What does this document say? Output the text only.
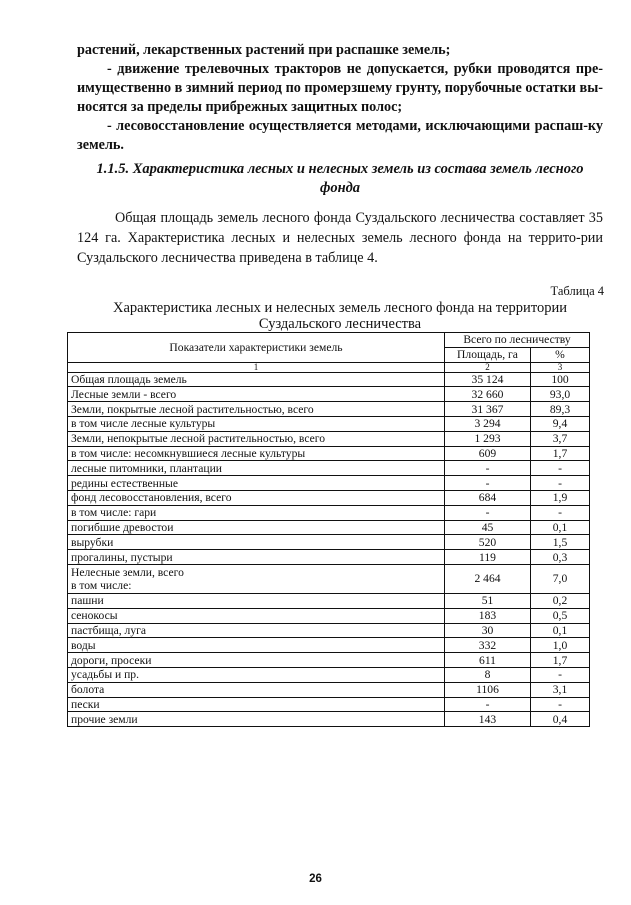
растений, лекарственных растений при распашке земель;

- движение трелевочных тракторов не допускается, рубки проводятся пре-имущественно в зимний период по промерзшему грунту, порубочные остатки вы-носятся за пределы прибрежных защитных полос;

- лесовосстановление осуществляется методами, исключающими распаш-ку земель.

1.1.5. Характеристика лесных и нелесных земель из состава земель лесного фонда

Общая площадь земель лесного фонда Суздальского лесничества составляет 35 124 га. Характеристика лесных и нелесных земель лесного фонда на террито-рии Суздальского лесничества приведена в таблице 4.

Таблица 4
Характеристика лесных и нелесных земель лесного фонда на территории Суздальского лесничества
Показатели характеристики земель	Всего по лесничеству	
	Площадь, га	%
1	2	3
Общая площадь земель	35 124	100
Лесные земли - всего	32 660	93,0
Земли, покрытые лесной растительностью, всего	31 367	89,3
в том числе лесные культуры	3 294	9,4
Земли, непокрытые лесной растительностью, всего	1 293	3,7
в том числе: несомкнувшиеся лесные культуры	609	1,7
лесные питомники, плантации	-	-
редины естественные	-	-
фонд лесовосстановления, всего	684	1,9
в том числе: гари	-	-
погибшие древостои	45	0,1
вырубки	520	1,5
прогалины, пустыри	119	0,3
Нелесные земли, всего
в том числе:	2 464	7,0
пашни	51	0,2
сенокосы	183	0,5
пастбища, луга	30	0,1
воды	332	1,0
дороги, просеки	611	1,7
усадьбы и пр.	8	-
болота	1106	3,1
пески	-	-
прочие земли	143	0,4
26
